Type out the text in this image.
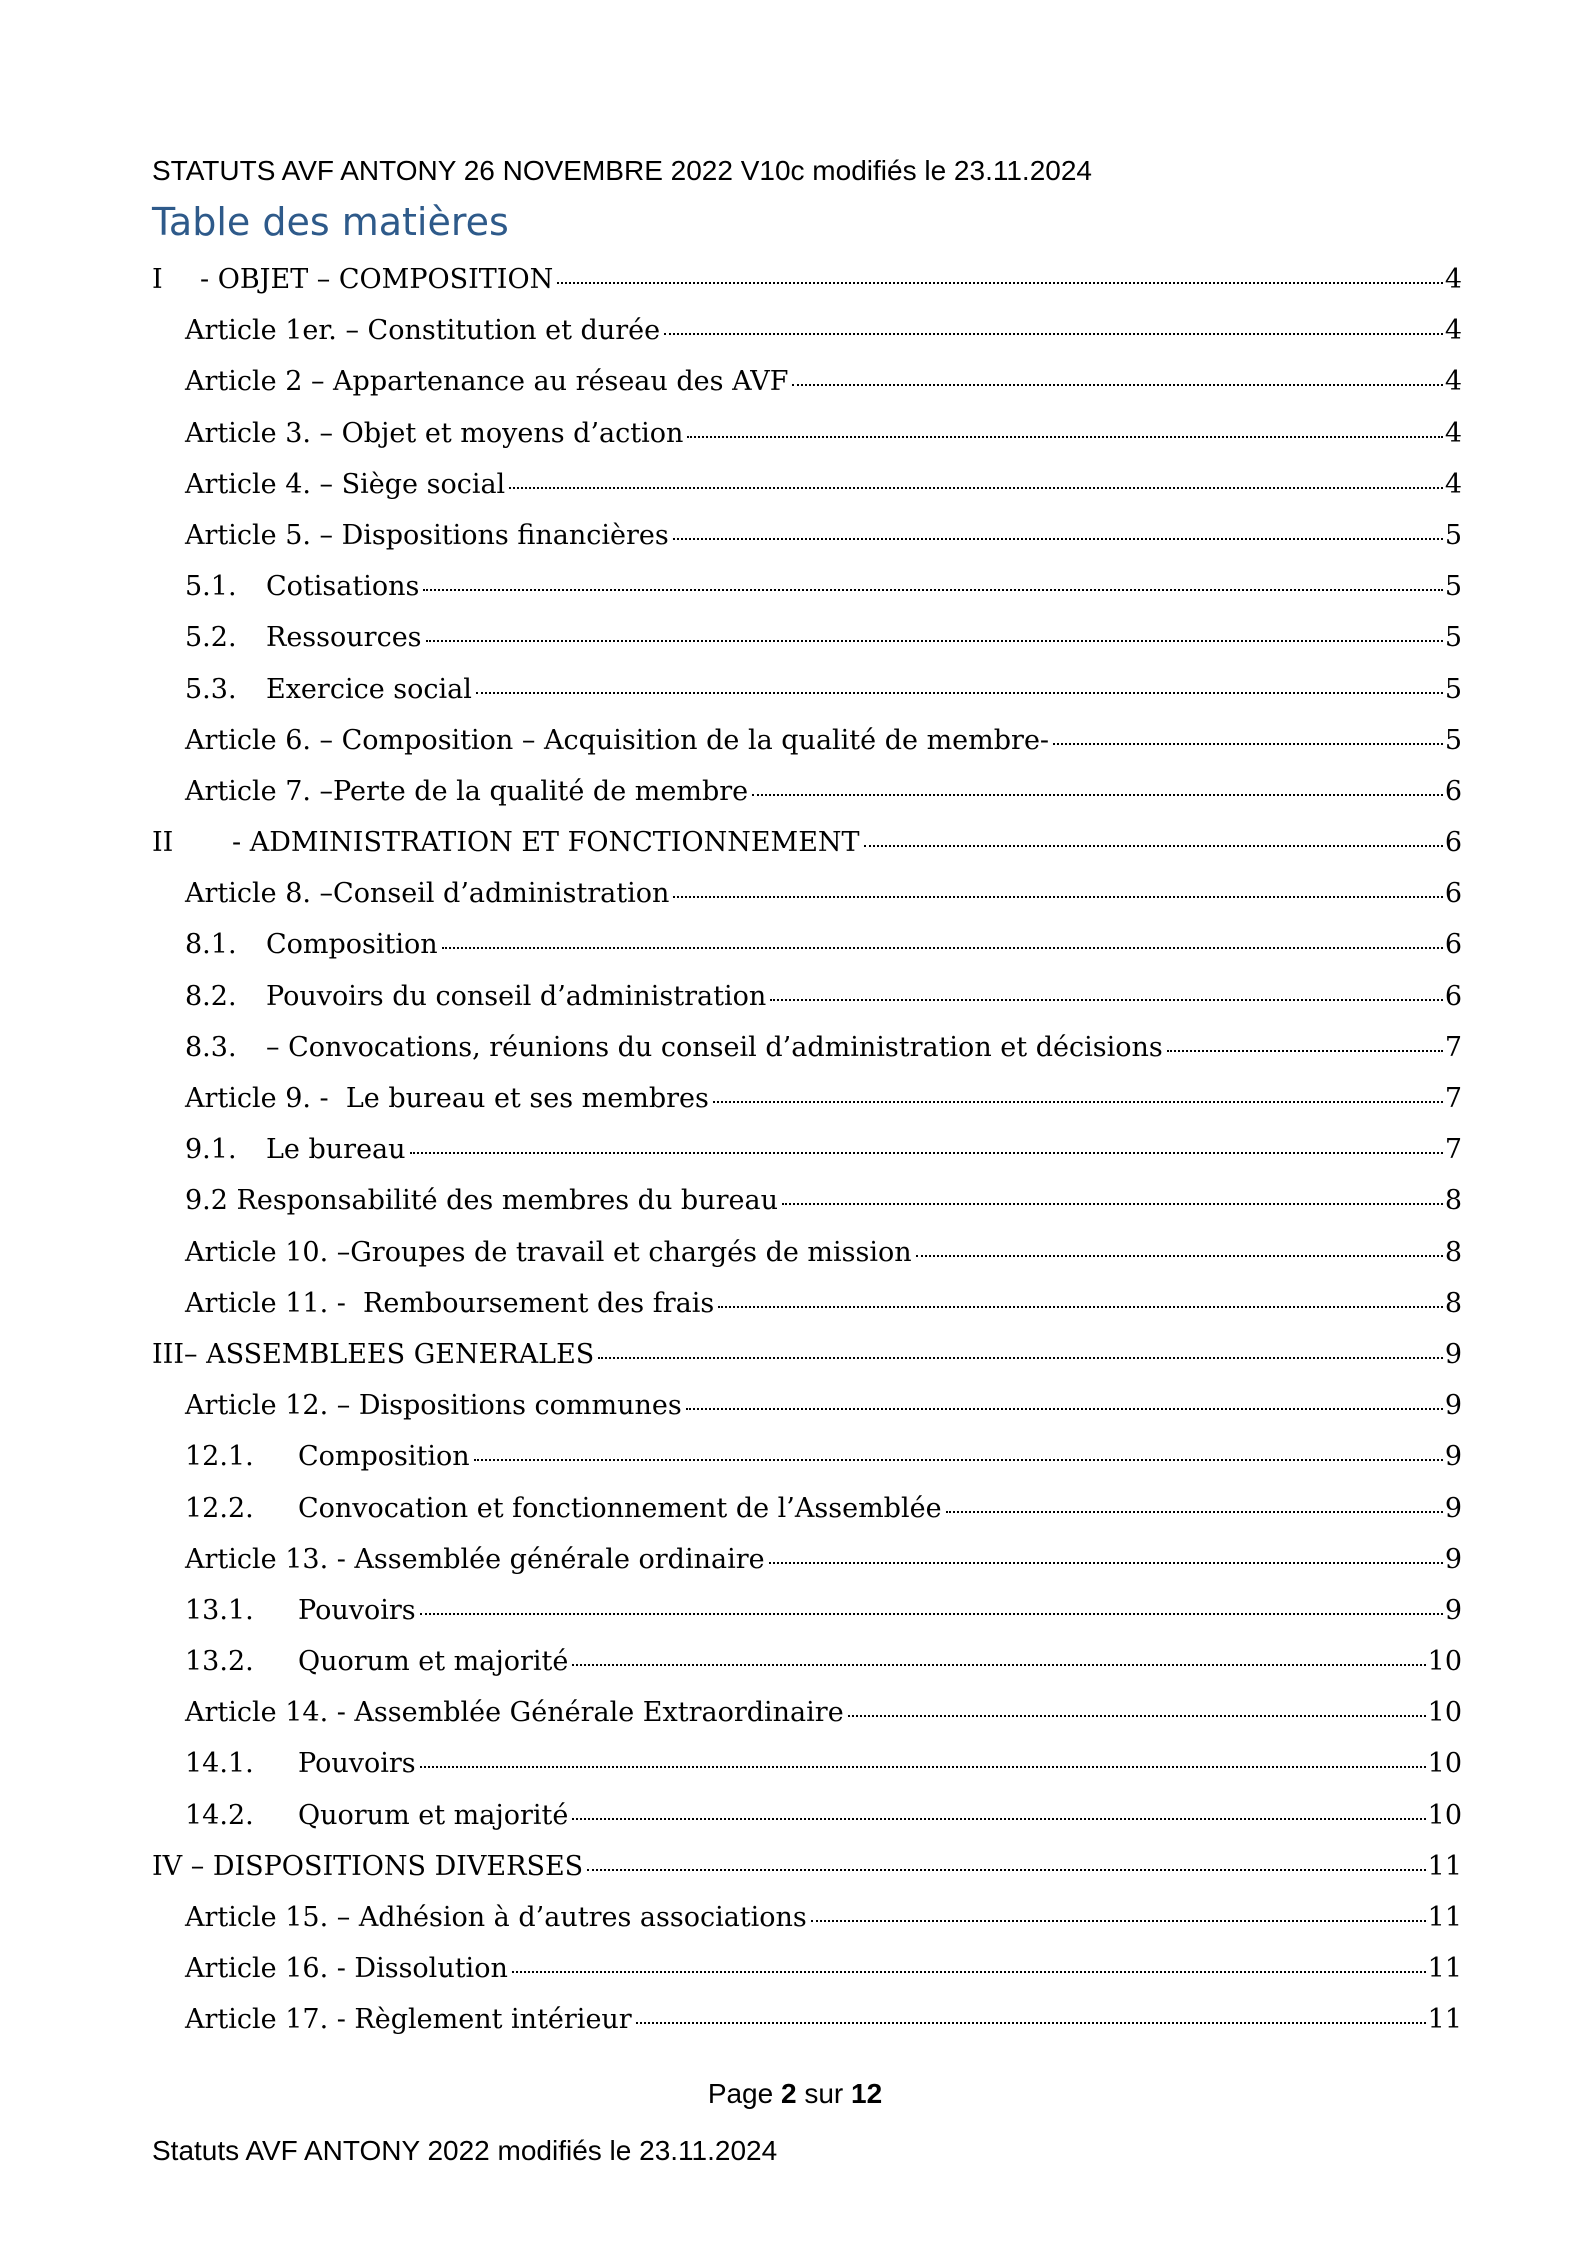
STATUTS AVF ANTONY 26 NOVEMBRE 2022 V10c modifiés le 23.11.2024
Table des matières
I	- OBJET – COMPOSITION	4
Article 1er. – Constitution et durée	4
Article 2 – Appartenance au réseau des AVF	4
Article 3. – Objet et moyens d’action	4
Article 4. – Siège social	4
Article 5. – Dispositions financières	5
5.1.	Cotisations	5
5.2.	Ressources	5
5.3.	Exercice social	5
Article 6. – Composition – Acquisition de la qualité de membre-	5
Article 7. –Perte de la qualité de membre	6
II	- ADMINISTRATION ET FONCTIONNEMENT	6
Article 8. –Conseil d’administration	6
8.1.	Composition	6
8.2.	Pouvoirs du conseil d’administration	6
8.3.	– Convocations, réunions du conseil d’administration et décisions	7
Article 9. -  Le bureau et ses membres	7
9.1.	Le bureau	7
9.2 Responsabilité des membres du bureau	8
Article 10. –Groupes de travail et chargés de mission	8
Article 11. -  Remboursement des frais	8
III– ASSEMBLEES GENERALES	9
Article 12. – Dispositions communes	9
12.1.	Composition	9
12.2.	Convocation et fonctionnement de l’Assemblée	9
Article 13. - Assemblée générale ordinaire	9
13.1.	Pouvoirs	9
13.2.	Quorum et majorité	10
Article 14. - Assemblée Générale Extraordinaire	10
14.1.	Pouvoirs	10
14.2.	Quorum et majorité	10
IV – DISPOSITIONS DIVERSES	11
Article 15. – Adhésion à d’autres associations	11
Article 16. - Dissolution	11
Article 17. - Règlement intérieur	11
Page 2 sur 12
Statuts AVF ANTONY 2022 modifiés le 23.11.2024
